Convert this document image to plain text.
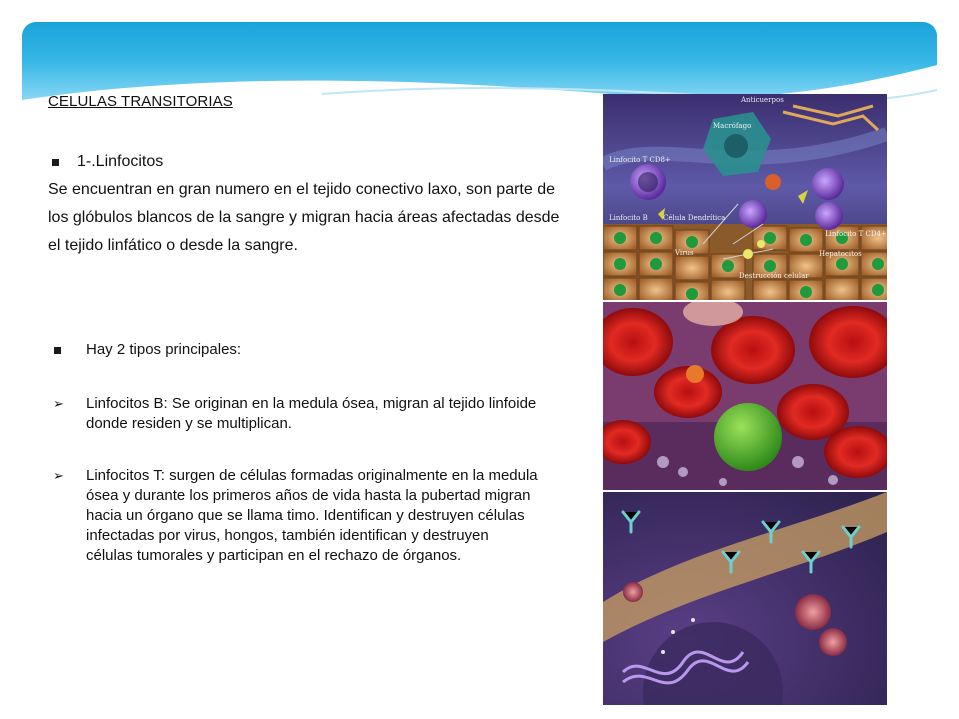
CELULAS TRANSITORIAS

1-.Linfocitos
Se encuentran en gran numero en el tejido conectivo laxo, son parte de los glóbulos blancos de la sangre y migran hacia áreas afectadas desde el tejido linfático o desde la sangre.
Hay 2 tipos principales:
➢ Linfocitos B: Se originan en la medula ósea, migran al tejido linfoide donde residen y se multiplican.
➢ Linfocitos T: surgen de células formadas originalmente en la medula ósea y durante los primeros años de vida hasta la pubertad migran hacia un órgano que se llama timo. Identifican y destruyen células infectadas por virus, hongos, también identifican y destruyen células tumorales y participan en el rechazo de órganos.
Anticuerpos
Macrófago
Linfocito T CD8+
Linfocito B
Linfocito T CD4+
Célula Dendrítica
Virus	Hepatocitos
Destrucción celular
